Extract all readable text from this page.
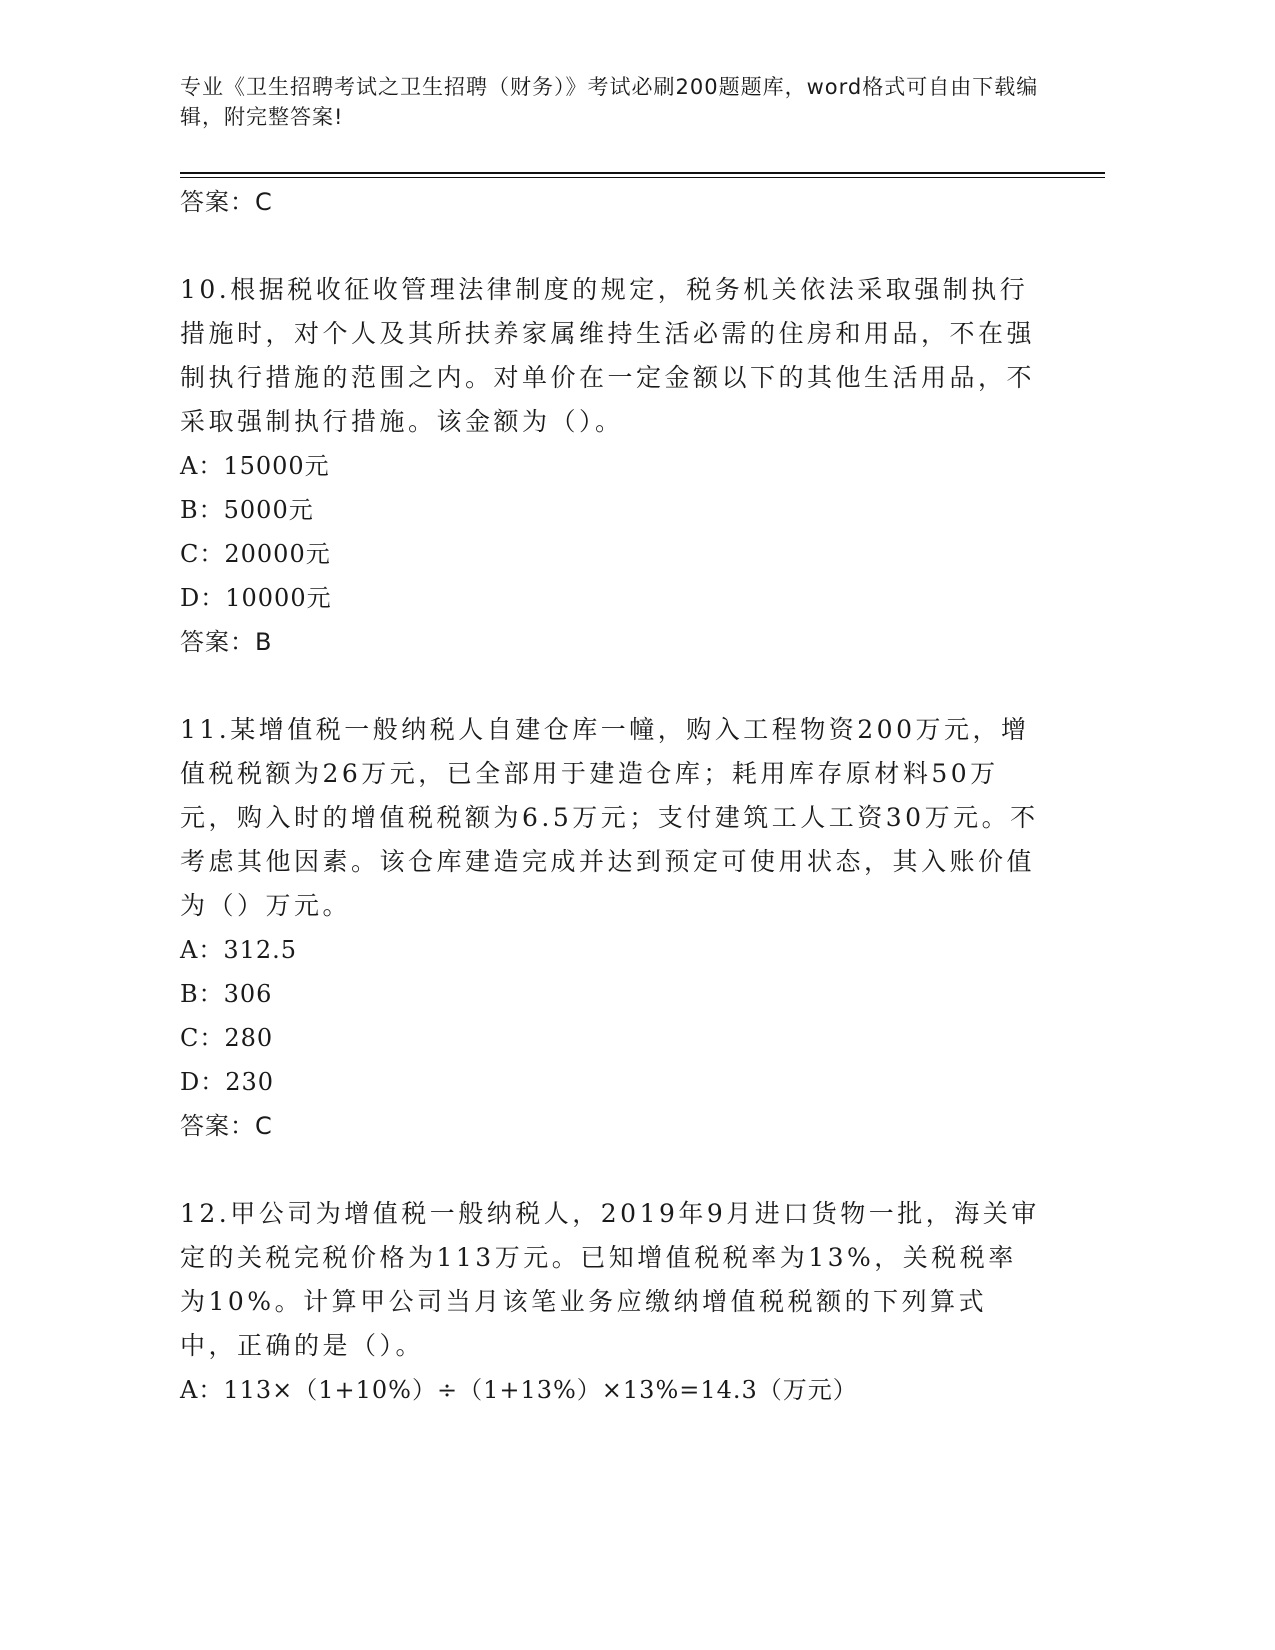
专业《卫生招聘考试之卫生招聘（财务）》考试必刷200题题库，word格式可自由下载编辑，附完整答案!
答案：C
10.根据税收征收管理法律制度的规定，税务机关依法采取强制执行措施时，对个人及其所扶养家属维持生活必需的住房和用品，不在强制执行措施的范围之内。对单价在一定金额以下的其他生活用品，不采取强制执行措施。该金额为（）。
A：15000元
B：5000元
C：20000元
D：10000元
答案：B
11.某增值税一般纳税人自建仓库一幢，购入工程物资200万元，增值税税额为26万元，已全部用于建造仓库；耗用库存原材料50万元，购入时的增值税税额为6.5万元；支付建筑工人工资30万元。不考虑其他因素。该仓库建造完成并达到预定可使用状态，其入账价值为（）万元。
A：312.5
B：306
C：280
D：230
答案：C
12.甲公司为增值税一般纳税人，2019年9月进口货物一批，海关审定的关税完税价格为113万元。已知增值税税率为13%，关税税率为10%。计算甲公司当月该笔业务应缴纳增值税税额的下列算式中，正确的是（）。
A：113×（1+10%）÷（1+13%）×13%=14.3（万元）
